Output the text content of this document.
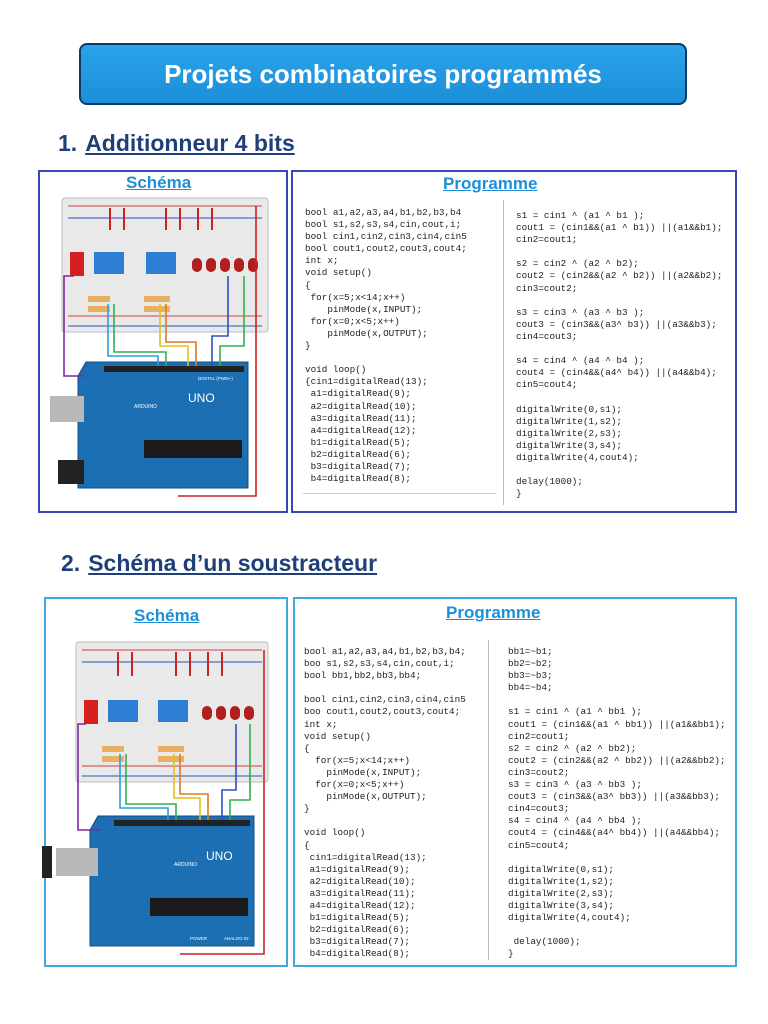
Projets combinatoires programmés
1. Additionneur 4 bits
Schéma	Programme
UNO
ARDUINO
DIGITAL (PWM~)
bool a1,a2,a3,a4,b1,b2,b3,b4
bool s1,s2,s3,s4,cin,cout,i;
bool cin1,cin2,cin3,cin4,cin5
bool cout1,cout2,cout3,cout4;
int x;
void setup()
{
for(x=5;x<14;x++)
pinMode(x,INPUT);
for(x=0;x<5;x++)
pinMode(x,OUTPUT);
}

void loop()
{cin1=digitalRead(13);
a1=digitalRead(9);
a2=digitalRead(10);
a3=digitalRead(11);
a4=digitalRead(12);
b1=digitalRead(5);
b2=digitalRead(6);
b3=digitalRead(7);
b4=digitalRead(8);

s1 = cin1 ^ (a1 ^ b1 );
cout1 = (cin1&&(a1 ^ b1)) ||(a1&&b1);
cin2=cout1;

s2 = cin2 ^ (a2 ^ b2);
cout2 = (cin2&&(a2 ^ b2)) ||(a2&&b2);
cin3=cout2;

s3 = cin3 ^ (a3 ^ b3 );
cout3 = (cin3&&(a3^ b3)) ||(a3&&b3);
cin4=cout3;

s4 = cin4 ^ (a4 ^ b4 );
cout4 = (cin4&&(a4^ b4)) ||(a4&&b4);
cin5=cout4;

digitalWrite(0,s1);
digitalWrite(1,s2);
digitalWrite(2,s3);
digitalWrite(3,s4);
digitalWrite(4,cout4);

delay(1000);
}

2. Schéma d’un soustracteur
Schéma	Programme
UNO
ARDUINO
ANALOG IN
POWER
bool a1,a2,a3,a4,b1,b2,b3,b4;
boo s1,s2,s3,s4,cin,cout,i;
bool bb1,bb2,bb3,bb4;

bool cin1,cin2,cin3,cin4,cin5
boo cout1,cout2,cout3,cout4;
int x;
void setup()
{
for(x=5;x<14;x++)
pinMode(x,INPUT);
for(x=0;x<5;x++)
pinMode(x,OUTPUT);
}

void loop()
{
cin1=digitalRead(13);
a1=digitalRead(9);
a2=digitalRead(10);
a3=digitalRead(11);
a4=digitalRead(12);
b1=digitalRead(5);
b2=digitalRead(6);
b3=digitalRead(7);
b4=digitalRead(8);

bb1=~b1;
bb2=~b2;
bb3=~b3;
bb4=~b4;

s1 = cin1 ^ (a1 ^ bb1 );
cout1 = (cin1&&(a1 ^ bb1)) ||(a1&&bb1);
cin2=cout1;
s2 = cin2 ^ (a2 ^ bb2);
cout2 = (cin2&&(a2 ^ bb2)) ||(a2&&bb2);
cin3=cout2;
s3 = cin3 ^ (a3 ^ bb3 );
cout3 = (cin3&&(a3^ bb3)) ||(a3&&bb3);
cin4=cout3;
s4 = cin4 ^ (a4 ^ bb4 );
cout4 = (cin4&&(a4^ bb4)) ||(a4&&bb4);
cin5=cout4;

digitalWrite(0,s1);
digitalWrite(1,s2);
digitalWrite(2,s3);
digitalWrite(3,s4);
digitalWrite(4,cout4);

delay(1000);
}
